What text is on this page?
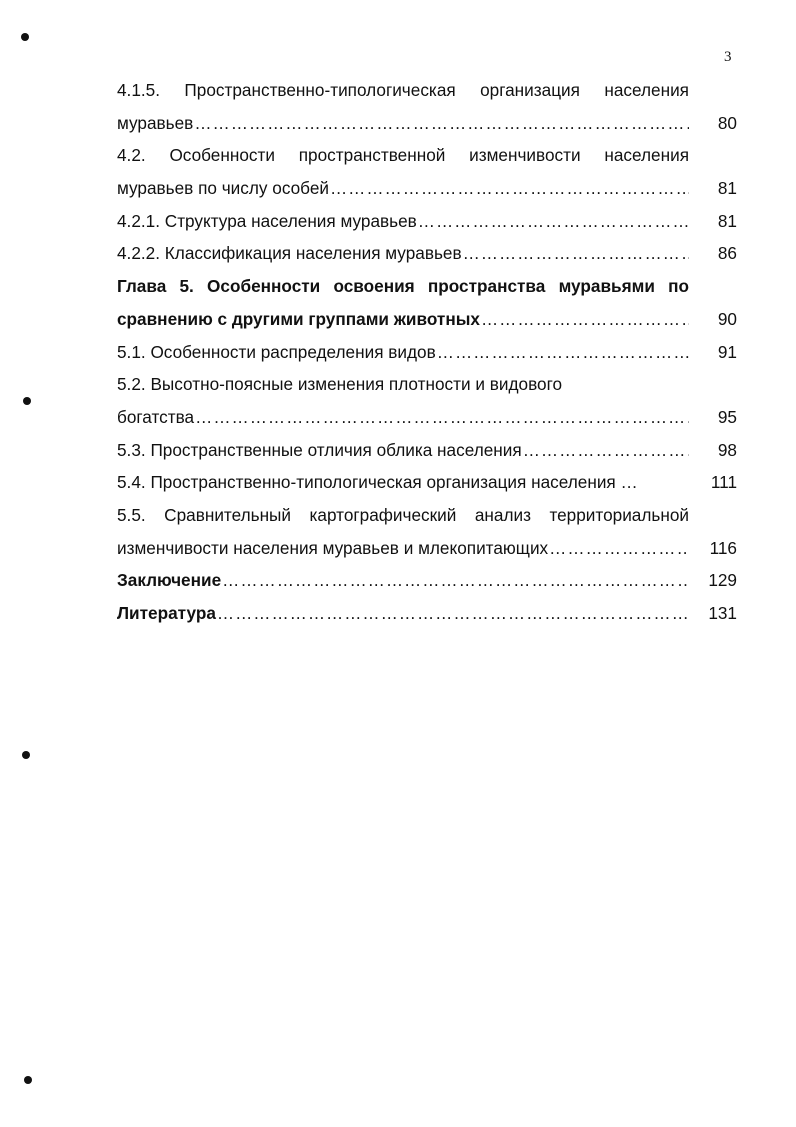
3
4.1.5. Пространственно-типологическая организация населения
муравьев …………………………………………………………………………………………………………………………	80
4.2. Особенности пространственной изменчивости населения
муравьев по числу особей …………………………………………………………………………………………………………………………	81
4.2.1. Структура населения муравьев …………………………………………………………………………………………………………………………	81
4.2.2. Классификация населения муравьев …………………………………………………………………………………………………………………………	86
Глава 5. Особенности освоения пространства муравьями по
сравнению с другими группами животных …………………………………………………………………………………………………………………………	90
5.1. Особенности распределения видов …………………………………………………………………………………………………………………………	91
5.2. Высотно-поясные изменения плотности и видового
богатства …………………………………………………………………………………………………………………………	95
5.3. Пространственные отличия облика населения …………………………………………………………………………………………………………………………	98
5.4. Пространственно-типологическая организация населения …	111
5.5. Сравнительный картографический анализ территориальной
изменчивости населения муравьев и млекопитающих …………………………………………………………………………………………………………………………	116
Заключение …………………………………………………………………………………………………………………………	129
Литература …………………………………………………………………………………………………………………………	131
